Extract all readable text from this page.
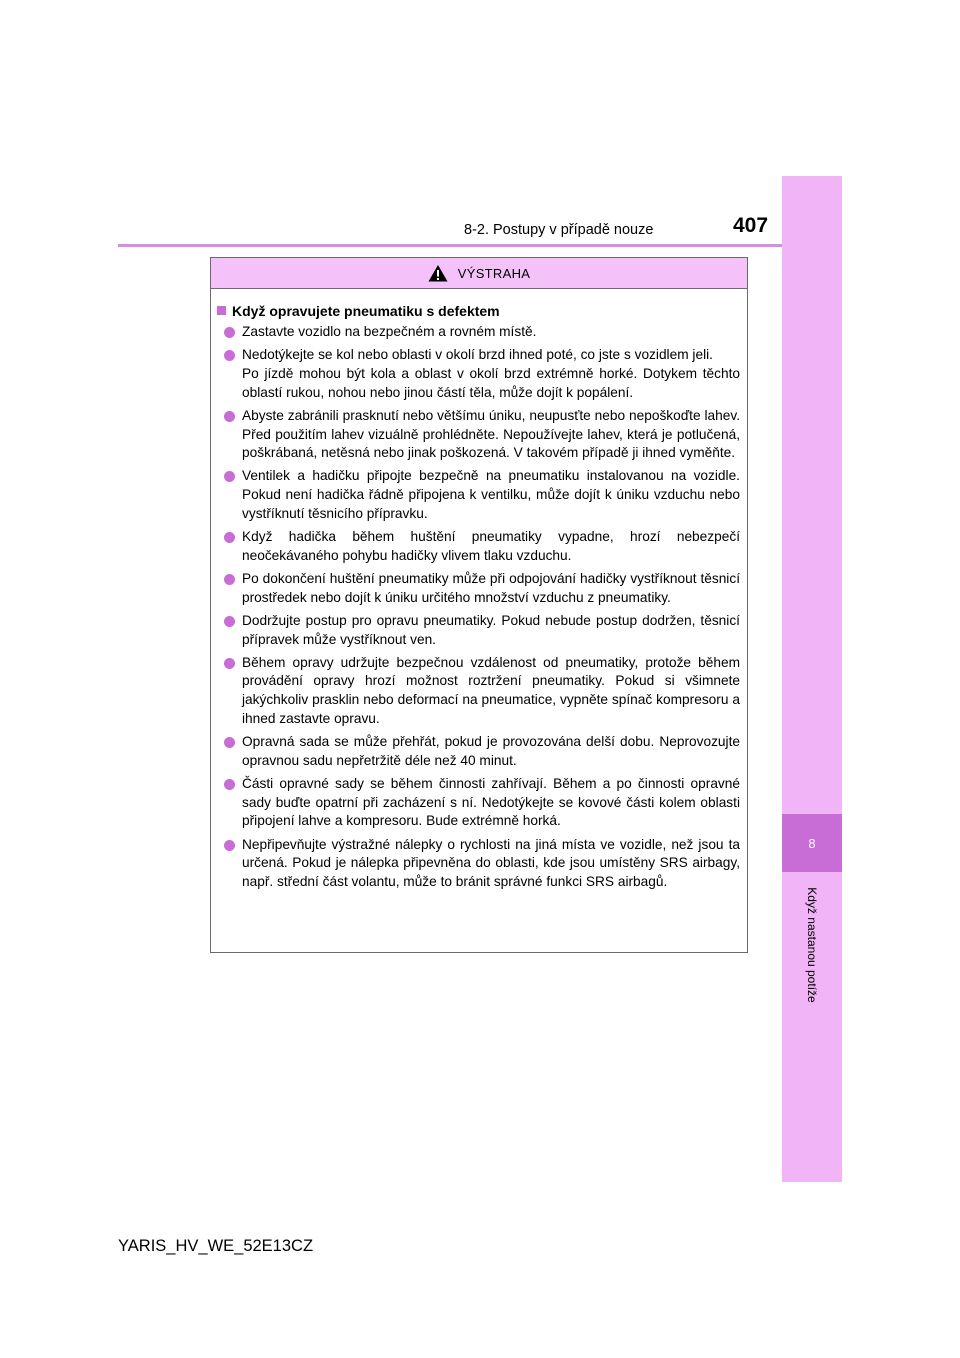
8
Když nastanou potíže
8-2. Postupy v případě nouze	407
VÝSTRAHA
Když opravujete pneumatiku s defektem

Zastavte vozidlo na bezpečném a rovném místě.

Nedotýkejte se kol nebo oblasti v okolí brzd ihned poté, co jste s vozidlem jeli.

Po jízdě mohou být kola a oblast v okolí brzd extrémně horké. Dotykem těchto oblastí rukou, nohou nebo jinou částí těla, může dojít k popálení.

Abyste zabránili prasknutí nebo většímu úniku, neupusťte nebo nepoškoďte lahev. Před použitím lahev vizuálně prohlédněte. Nepoužívejte lahev, která je potlučená, poškrábaná, netěsná nebo jinak poškozená. V takovém případě ji ihned vyměňte.

Ventilek a hadičku připojte bezpečně na pneumatiku instalovanou na vozidle. Pokud není hadička řádně připojena k ventilku, může dojít k úniku vzduchu nebo vystříknutí těsnicího přípravku.

Když hadička během huštění pneumatiky vypadne, hrozí nebezpečí neočekávaného pohybu hadičky vlivem tlaku vzduchu.

Po dokončení huštění pneumatiky může při odpojování hadičky vystříknout těsnicí prostředek nebo dojít k úniku určitého množství vzduchu z pneumatiky.

Dodržujte postup pro opravu pneumatiky. Pokud nebude postup dodržen, těsnicí přípravek může vystříknout ven.

Během opravy udržujte bezpečnou vzdálenost od pneumatiky, protože během provádění opravy hrozí možnost roztržení pneumatiky. Pokud si všimnete jakýchkoliv prasklin nebo deformací na pneumatice, vypněte spínač kompresoru a ihned zastavte opravu.

Opravná sada se může přehřát, pokud je provozována delší dobu. Neprovozujte opravnou sadu nepřetržitě déle než 40 minut.

Části opravné sady se během činnosti zahřívají. Během a po činnosti opravné sady buďte opatrní při zacházení s ní. Nedotýkejte se kovové části kolem oblasti připojení lahve a kompresoru. Bude extrémně horká.

Nepřipevňujte výstražné nálepky o rychlosti na jiná místa ve vozidle, než jsou ta určená. Pokud je nálepka připevněna do oblasti, kde jsou umístěny SRS airbagy, např. střední část volantu, může to bránit správné funkci SRS airbagů.

YARIS_HV_WE_52E13CZ
